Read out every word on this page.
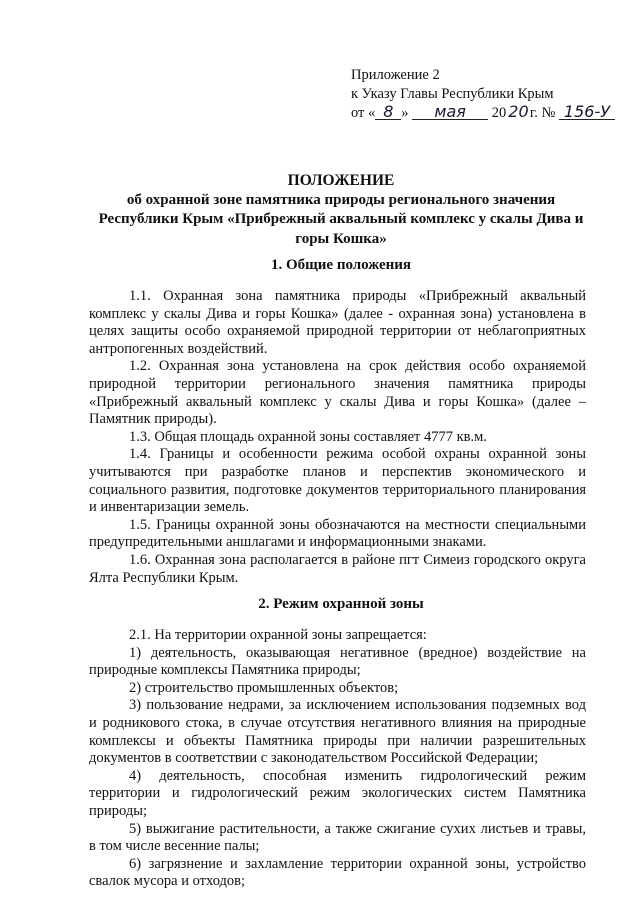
Приложение 2
к Указу Главы Республики Крым
от « 8 » мая 20 20 г. № 156-У
ПОЛОЖЕНИЕ
об охранной зоне памятника природы регионального значения
Республики Крым «Прибрежный аквальный комплекс у скалы Дива и
горы Кошка»
1. Общие положения

1.1. Охранная зона памятника природы «Прибрежный аквальный комплекс у скалы Дива и горы Кошка» (далее - охранная зона) установлена в целях защиты особо охраняемой природной территории от неблагоприятных антропогенных воздействий.

1.2. Охранная зона установлена на срок действия особо охраняемой природной территории регионального значения памятника природы «Прибрежный аквальный комплекс у скалы Дива и горы Кошка» (далее – Памятник природы).

1.3. Общая площадь охранной зоны составляет 4777 кв.м.

1.4. Границы и особенности режима особой охраны охранной зоны учитываются при разработке планов и перспектив экономического и социального развития, подготовке документов территориального планирования и инвентаризации земель.

1.5. Границы охранной зоны обозначаются на местности специальными предупредительными аншлагами и информационными знаками.

1.6. Охранная зона располагается в районе пгт Симеиз городского округа Ялта Республики Крым.

2. Режим охранной зоны

2.1. На территории охранной зоны запрещается:

1) деятельность, оказывающая негативное (вредное) воздействие на природные комплексы Памятника природы;

2) строительство промышленных объектов;

3) пользование недрами, за исключением использования подземных вод и родникового стока, в случае отсутствия негативного влияния на природные комплексы и объекты Памятника природы при наличии разрешительных документов в соответствии с законодательством Российской Федерации;

4) деятельность, способная изменить гидрологический режим территории и гидрологический режим экологических систем Памятника природы;

5) выжигание растительности, а также сжигание сухих листьев и травы, в том числе весенние палы;

6) загрязнение и захламление территории охранной зоны, устройство свалок мусора и отходов;
